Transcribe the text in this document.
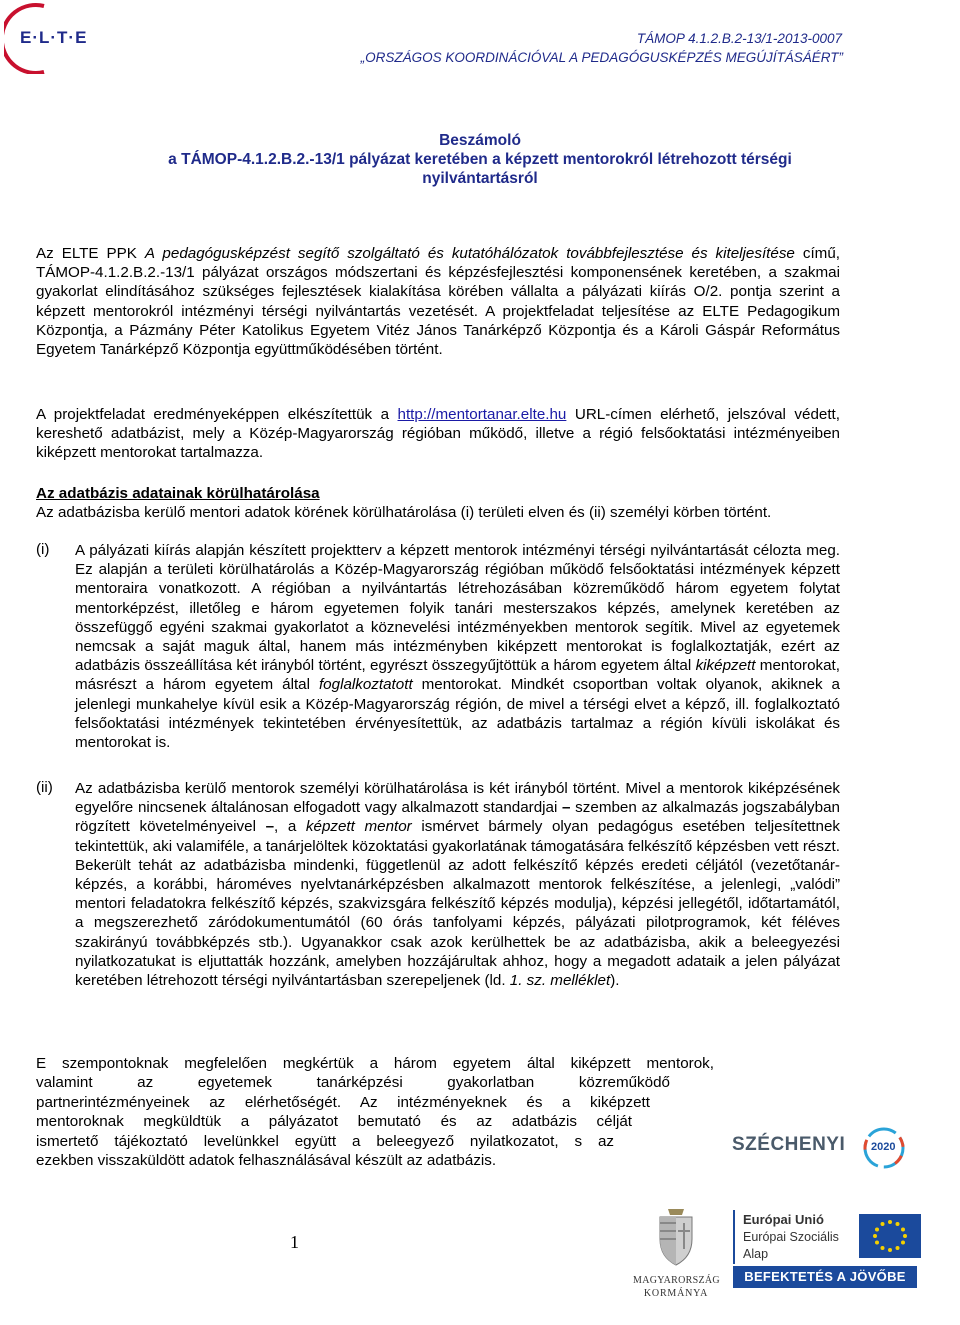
E·L·T·E	TÁMOP 4.1.2.B.2-13/1-2013-0007
„ORSZÁGOS KOORDINÁCIÓVAL A PEDAGÓGUSKÉPZÉS MEGÚJÍTÁSÁÉRT”
Beszámoló
a TÁMOP-4.1.2.B.2.-13/1 pályázat keretében a képzett mentorokról létrehozott térségi
nyilvántartásról
Az ELTE PPK A pedagógusképzést segítő szolgáltató és kutatóhálózatok továbbfejlesztése és kiteljesítése című, TÁMOP-4.1.2.B.2.-13/1 pályázat országos módszertani és képzésfejlesztési komponensének keretében, a szakmai gyakorlat elindításához szükséges fejlesztések kialakítása körében vállalta a pályázati kiírás O/2. pontja szerint a képzett mentorokról intézményi térségi nyilvántartás vezetését. A projektfeladat teljesítése az ELTE Pedagogikum Központja, a Pázmány Péter Katolikus Egyetem Vitéz János Tanárképző Központja és a Károli Gáspár Református Egyetem Tanárképző Központja együttműködésében történt.
A projektfeladat eredményeképpen elkészítettük a http://mentortanar.elte.hu URL-címen elérhető, jelszóval védett, kereshető adatbázist, mely a Közép-Magyarország régióban működő, illetve a régió felsőoktatási intézményeiben kiképzett mentorokat tartalmazza.
Az adatbázis adatainak körülhatárolása
Az adatbázisba kerülő mentori adatok körének körülhatárolása (i) területi elven és (ii) személyi körben történt.
(i) A pályázati kiírás alapján készített projektterv a képzett mentorok intézményi térségi nyilvántartását célozta meg. Ez alapján a területi körülhatárolás a Közép-Magyarország régióban működő felsőoktatási intézmények képzett mentoraira vonatkozott. A régióban a nyilvántartás létrehozásában közreműködő három egyetem folytat mentorképzést, illetőleg e három egyetemen folyik tanári mesterszakos képzés, amelynek keretében az összefüggő egyéni szakmai gyakorlatot a köznevelési intézményekben mentorok segítik. Mivel az egyetemek nemcsak a saját maguk által, hanem más intézményben kiképzett mentorokat is foglalkoztatják, ezért az adatbázis összeállítása két irányból történt, egyrészt összegyűjtöttük a három egyetem által kiképzett mentorokat, másrészt a három egyetem által foglalkoztatott mentorokat. Mindkét csoportban voltak olyanok, akiknek a jelenlegi munkahelye kívül esik a Közép-Magyarország régión, de mivel a térségi elvet a képző, ill. foglalkoztató felsőoktatási intézmények tekintetében érvényesítettük, az adatbázis tartalmaz a régión kívüli iskolákat és mentorokat is.
(ii) Az adatbázisba kerülő mentorok személyi körülhatárolása is két irányból történt. Mivel a mentorok kiképzésének egyelőre nincsenek általánosan elfogadott vagy alkalmazott standardjai – szemben az alkalmazás jogszabályban rögzített követelményeivel –, a képzett mentor ismérvet bármely olyan pedagógus esetében teljesítettnek tekintettük, aki valamiféle, a tanárjelöltek közoktatási gyakorlatának támogatására felkészítő képzésben vett részt. Bekerült tehát az adatbázisba mindenki, függetlenül az adott felkészítő képzés eredeti céljától (vezetőtanár-képzés, a korábbi, hároméves nyelvtanárképzésben alkalmazott mentorok felkészítése, a jelenlegi, „valódi” mentori feladatokra felkészítő képzés, szakvizsgára felkészítő képzés modulja), képzési jellegétől, időtartamától, a megszerezhető záródokumentumától (60 órás tanfolyami képzés, pályázati pilotprogramok, két féléves szakirányú továbbképzés stb.). Ugyanakkor csak azok kerülhettek be az adatbázisba, akik a beleegyezési nyilatkozatukat is eljuttatták hozzánk, amelyben hozzájárultak ahhoz, hogy a megadott adataik a jelen pályázat keretében létrehozott térségi nyilvántartásban szerepeljenek (ld. 1. sz. melléklet).
E szempontoknak megfelelően megkértük a három egyetem által kiképzett mentorok,
valamint az egyetemek tanárképzési gyakorlatban közreműködő
partnerintézményeinek az elérhetőségét. Az intézményeknek és a kiképzett
mentoroknak megküldtük a pályázatot bemutató és az adatbázis célját
ismertető tájékoztató levelünkkel együtt a beleegyező nyilatkozatot, s az
ezekben visszaküldött adatok felhasználásával készült az adatbázis.
1
SZÉCHENYI 2020
MAGYARORSZÁG
KORMÁNYA
Európai Unió
Európai Szociális
Alap
BEFEKTETÉS A JÖVŐBE
